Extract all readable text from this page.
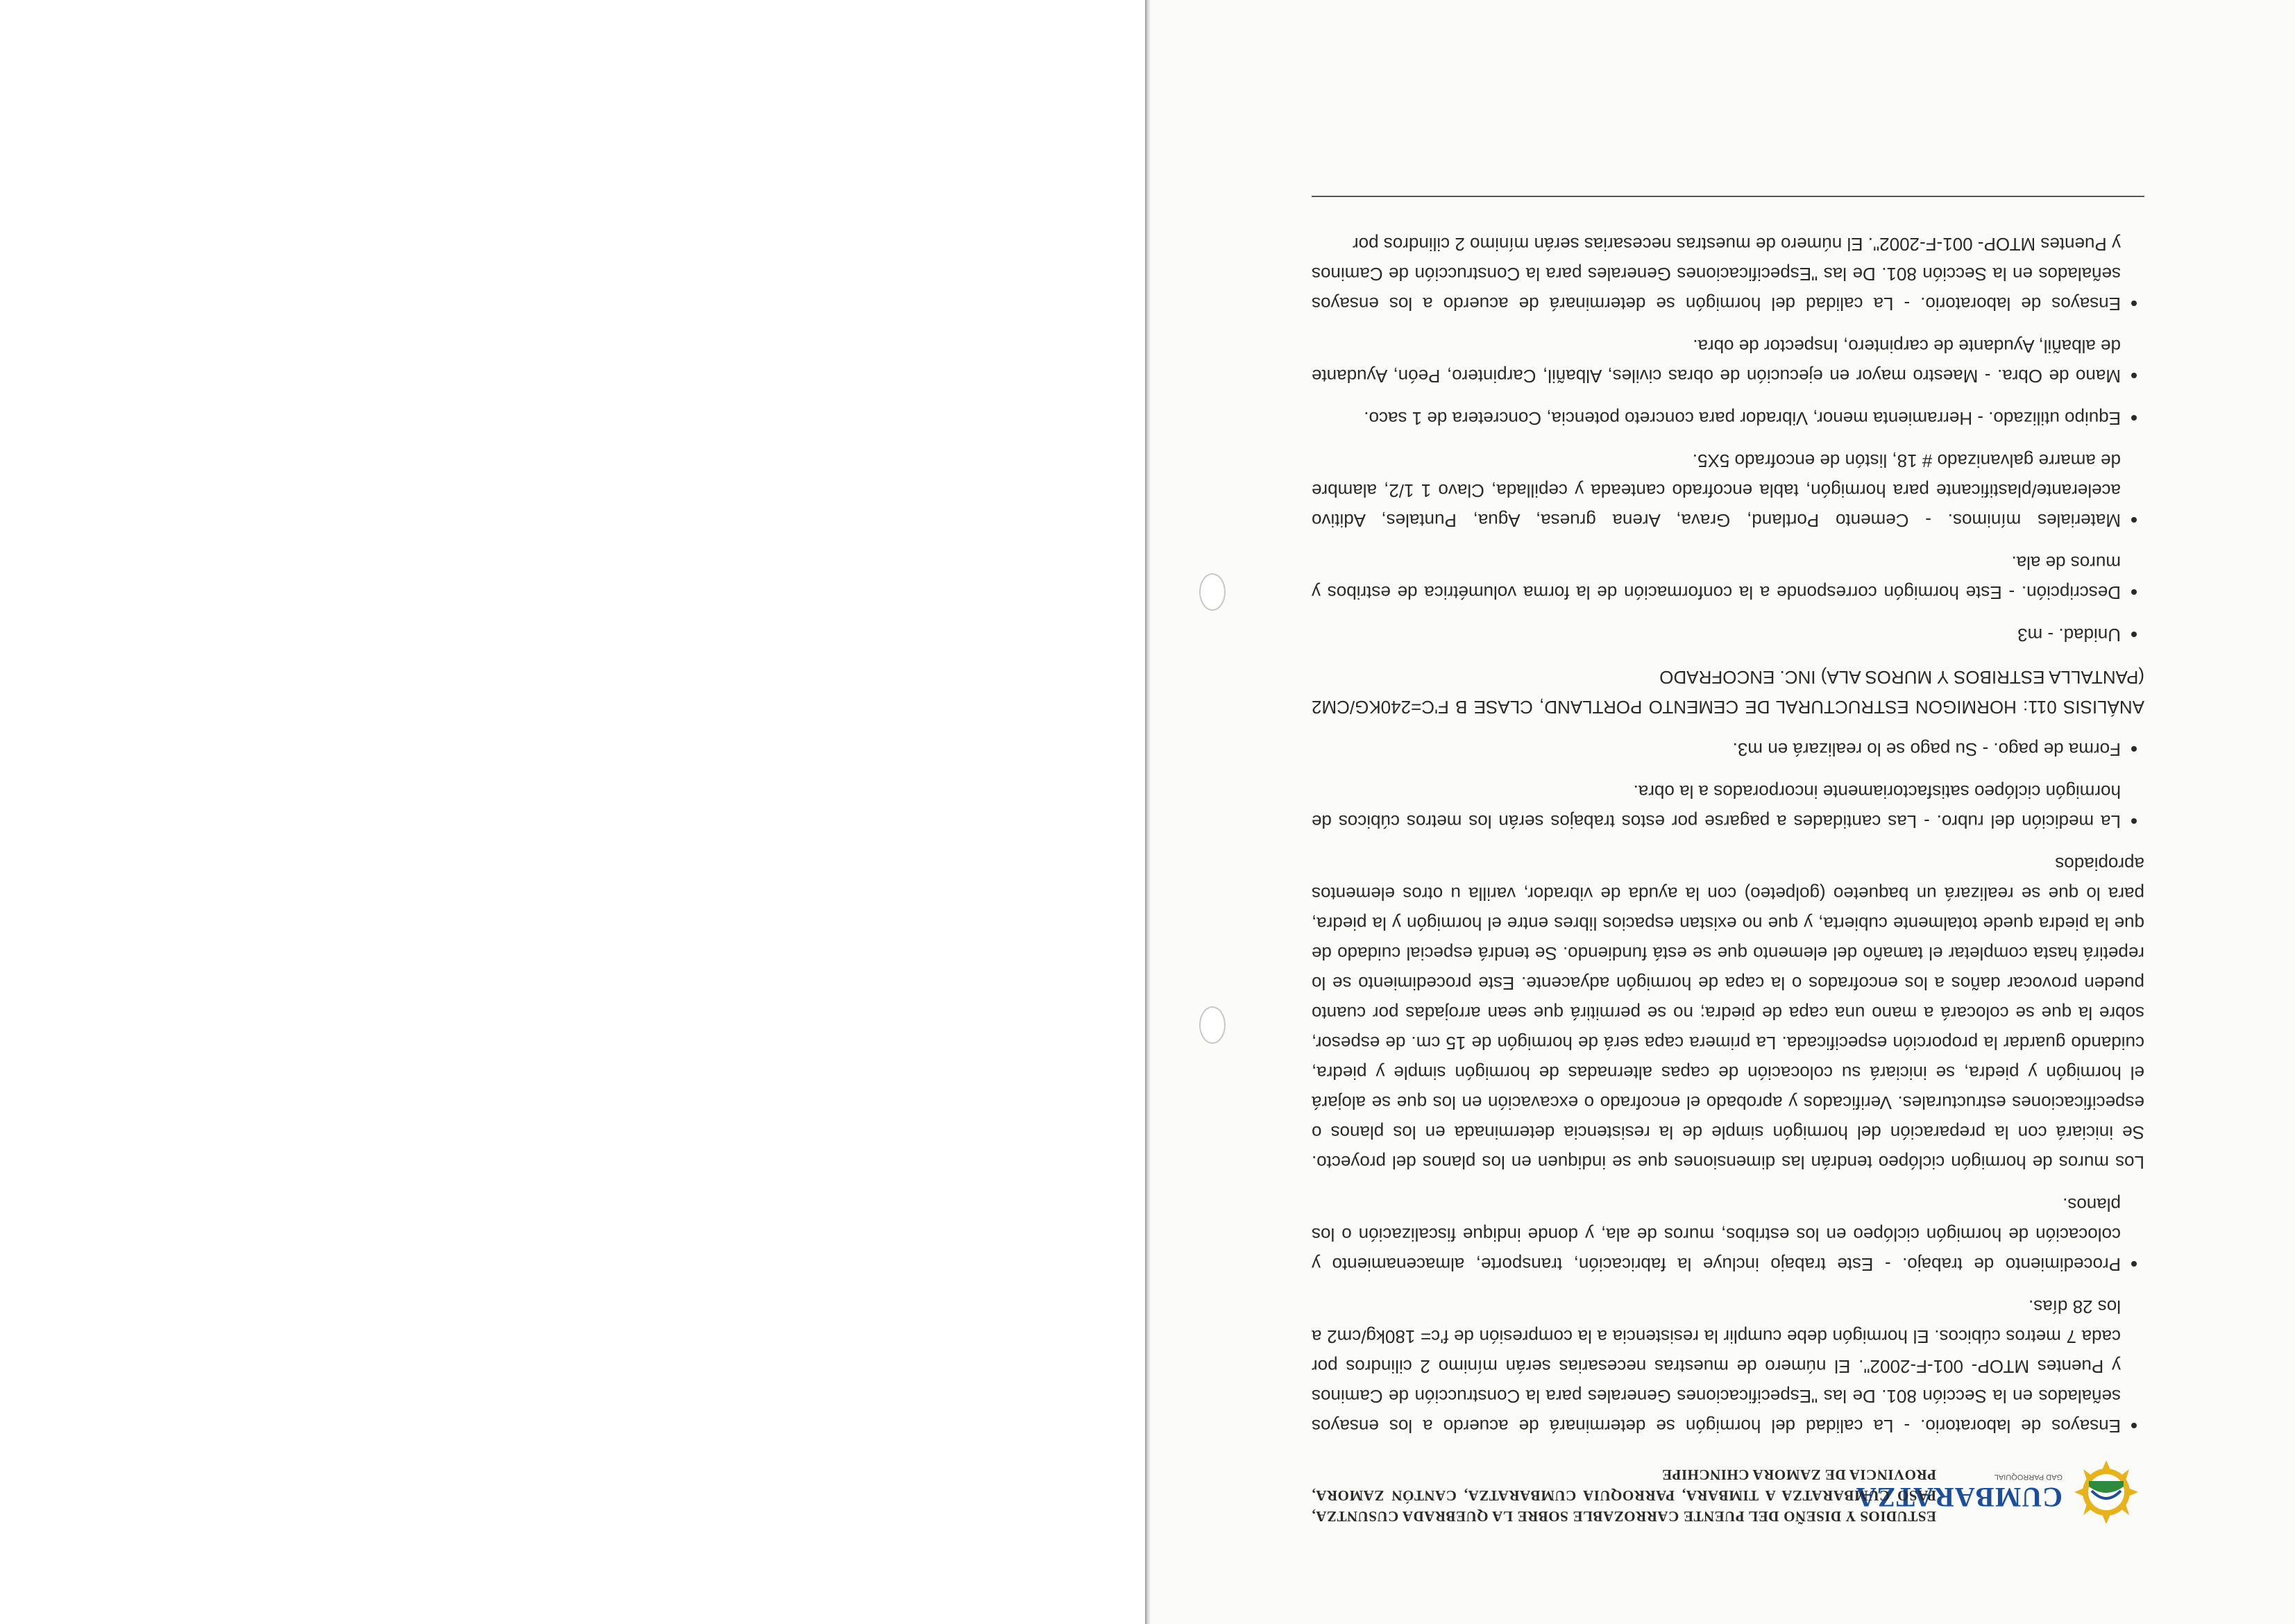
CUMBARATZA
GAD PARROQUIAL
ESTUDIOS Y DISEÑO DEL PUENTE CARROZABLE SOBRE LA QUEBRADA CUSUNTZA, PASO CUMBARATZA A TIMBARA, PARROQUIA CUMBARATZA, CANTÓN ZAMORA, PROVINCIA DE ZAMORA CHINCHIPE
• Ensayos de laboratorio. - La calidad del hormigón se determinará de acuerdo a los ensayos señalados en la Sección 801. De las "Especificaciones Generales para la Construcción de Caminos y Puentes MTOP- 001-F-2002". El número de muestras necesarias serán mínimo 2 cilindros por cada 7 metros cúbicos. El hormigón debe cumplir la resistencia a la compresión de f'c= 180kg/cm2 a los 28 días.
• Procedimiento de trabajo. - Este trabajo incluye la fabricación, transporte, almacenamiento y colocación de hormigón ciclópeo en los estribos, muros de ala, y donde indique fiscalización o los planos.

Los muros de hormigón ciclópeo tendrán las dimensiones que se indiquen en los planos del proyecto. Se iniciará con la preparación del hormigón simple de la resistencia determinada en los planos o especificaciones estructurales. Verificados y aprobado el encofrado o excavación en los que se alojará el hormigón y piedra, se iniciará su colocación de capas alternadas de hormigón simple y piedra, cuidando guardar la proporción especificada. La primera capa será de hormigón de 15 cm. de espesor, sobre la que se colocará a mano una capa de piedra; no se permitirá que sean arrojadas por cuanto pueden provocar daños a los encofrados o la capa de hormigón adyacente. Este procedimiento se lo repetirá hasta completar el tamaño del elemento que se está fundiendo. Se tendrá especial cuidado de que la piedra quede totalmente cubierta, y que no existan espacios libres entre el hormigón y la piedra, para lo que se realizará un baqueteo (golpeteo) con la ayuda de vibrador, varilla u otros elementos apropiados

• La medición del rubro. - Las cantidades a pagarse por estos trabajos serán los metros cúbicos de hormigón ciclópeo satisfactoriamente incorporados a la obra.
• Forma de pago. - Su pago se lo realizará en m3.

ANÁLISIS 011: HORMIGON ESTRUCTURAL DE CEMENTO PORTLAND, CLASE B F'C=240KG/CM2 (PANTALLA ESTRIBOS Y MUROS ALA) INC. ENCOFRADO

• Unidad. - m3
• Descripción. - Este hormigón corresponde a la conformación de la forma volumétrica de estribos y muros de ala.
• Materiales mínimos. - Cemento Portland, Grava, Arena gruesa, Agua, Puntales, Aditivo acelerante/plastificante para hormigón, tabla encofrado canteada y cepillada, Clavo 1 1/2, alambre de amarre galvanizado # 18, listón de encofrado 5X5.
• Equipo utilizado. - Herramienta menor, Vibrador para concreto potencia, Concretera de 1 saco.
• Mano de Obra. - Maestro mayor en ejecución de obras civiles, Albañil, Carpintero, Peón, Ayudante de albañil, Ayudante de carpintero, Inspector de obra.
• Ensayos de laboratorio. - La calidad del hormigón se determinará de acuerdo a los ensayos señalados en la Sección 801. De las "Especificaciones Generales para la Construcción de Caminos y Puentes MTOP- 001-F-2002". El número de muestras necesarias serán mínimo 2 cilindros por
